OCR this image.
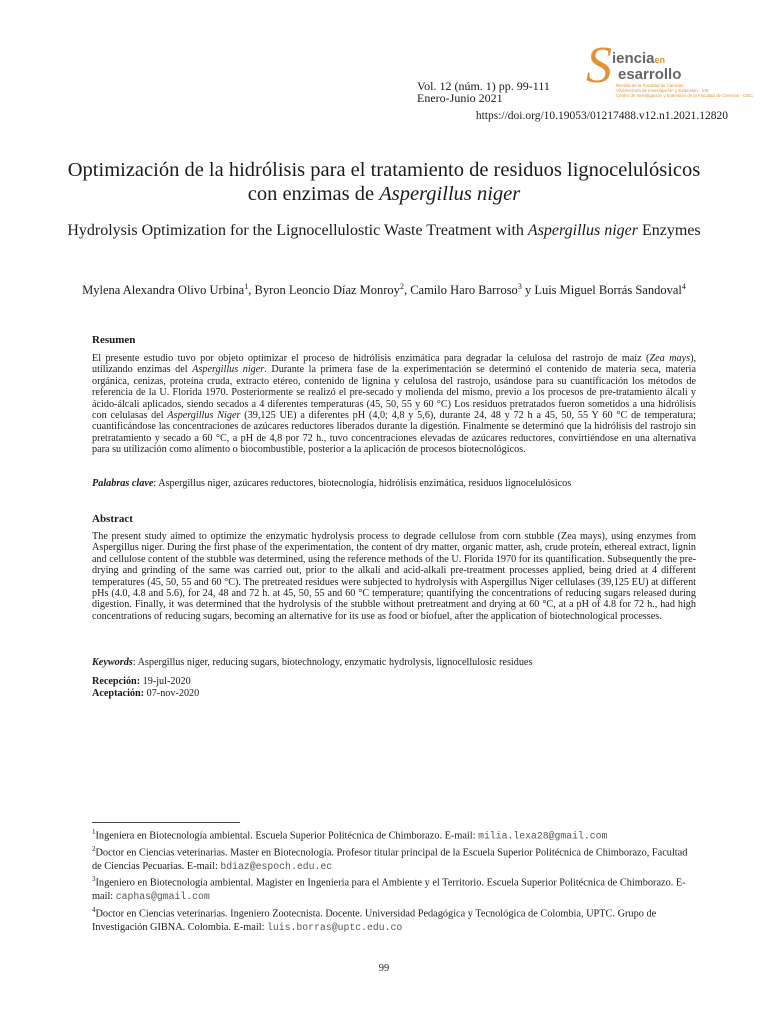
Vol. 12 (núm. 1) pp. 99-111
Enero-Junio 2021
S ienciaen
esarrollo
Revista de la Facultad de Ciencias
Vicerrectoría de Investigación y Extensión - VIE
Centro de Investigación y Extensión de la Facultad de Ciencias - CIEC
https://doi.org/10.19053/01217488.v12.n1.2021.12820
Optimización de la hidrólisis para el tratamiento de residuos lignocelulósicos con enzimas de Aspergillus niger
Hydrolysis Optimization for the Lignocellulostic Waste Treatment with Aspergillus niger Enzymes
Mylena Alexandra Olivo Urbina$^1$, Byron Leoncio Díaz Monroy$^2$, Camilo Haro Barroso$^3$ y Luis Miguel Borrás Sandoval$^4$
Resumen
El presente estudio tuvo por objeto optimizar el proceso de hidrólisis enzimática para degradar la celulosa del rastrojo de maíz (Zea mays), utilizando enzimas del Aspergillus niger. Durante la primera fase de la experimentación se determinó el contenido de materia seca, materia orgánica, cenizas, proteína cruda, extracto etéreo, contenido de lignina y celulosa del rastrojo, usándose para su cuantificación los métodos de referencia de la U. Florida 1970. Posteriormente se realizó el pre-secado y molienda del mismo, previo a los procesos de pre-tratamiento álcali y ácido-álcali aplicados, siendo secados a 4 diferentes temperaturas (45, 50, 55 y 60 °C) Los residuos pretratados fueron sometidos a una hidrólisis con celulasas del Aspergillus Niger (39,125 UE) a diferentes pH (4,0; 4,8 y 5,6), durante 24, 48 y 72 h a 45, 50, 55 Y 60 °C de temperatura; cuantificándose las concentraciones de azúcares reductores liberados durante la digestión. Finalmente se determinó que la hidrólisis del rastrojo sin pretratamiento y secado a 60 °C, a pH de 4,8 por 72 h., tuvo concentraciones elevadas de azúcares reductores, convirtiéndose en una alternativa para su utilización como alimento o biocombustible, posterior a la aplicación de procesos biotecnológicos.
Palabras clave: Aspergillus niger, azúcares reductores, biotecnología, hidrólisis enzimática, residuos lignocelulósicos
Abstract
The present study aimed to optimize the enzymatic hydrolysis process to degrade cellulose from corn stubble (Zea mays), using enzymes from Aspergillus niger. During the first phase of the experimentation, the content of dry matter, organic matter, ash, crude protein, ethereal extract, lignin and cellulose content of the stubble was determined, using the reference methods of the U. Florida 1970 for its quantification. Subsequently the pre-drying and grinding of the same was carried out, prior to the alkali and acid-alkali pre-treatment processes applied, being dried at 4 different temperatures (45, 50, 55 and 60 °C). The pretreated residues were subjected to hydrolysis with Aspergillus Niger cellulases (39,125 EU) at different pHs (4.0, 4.8 and 5.6), for 24, 48 and 72 h. at 45, 50, 55 and 60 °C temperature; quantifying the concentrations of reducing sugars released during digestion. Finally, it was determined that the hydrolysis of the stubble without pretreatment and drying at 60 °C, at a pH of 4.8 for 72 h., had high concentrations of reducing sugars, becoming an alternative for its use as food or biofuel, after the application of biotechnological processes.
Keywords: Aspergillus niger, reducing sugars, biotechnology, enzymatic hydrolysis, lignocellulosic residues
Recepción: 19-jul-2020
Aceptación: 07-nov-2020
$^1$Ingeniera en Biotecnología ambiental. Escuela Superior Politécnica de Chimborazo. E-mail: milia.lexa28@gmail.com
$^2$Doctor en Ciencias veterinarias. Master en Biotecnología. Profesor titular principal de la Escuela Superior Politécnica de Chimborazo, Facultad de Ciencias Pecuarias. E-mail: bdiaz@espoch.edu.ec
$^3$Ingeniero en Biotecnología ambiental. Magister en Ingeniería para el Ambiente y el Territorio. Escuela Superior Politécnica de Chimborazo. E-mail: caphas@gmail.com
$^4$Doctor en Ciencias veterinarias. Ingeniero Zootecnista. Docente. Universidad Pedagógica y Tecnológica de Colombia, UPTC. Grupo de Investigación GIBNA. Colombia. E-mail: luis.borras@uptc.edu.co
99
